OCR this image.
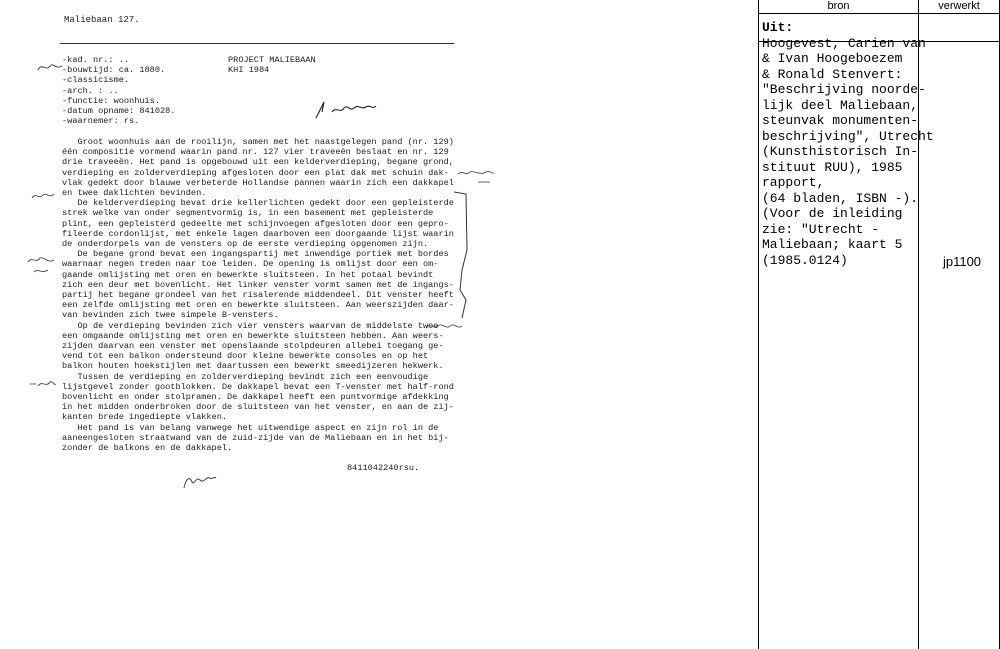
Maliebaan 127.
-kad. nr.: ..
-bouwtijd: ca. 1880.
-classicisme.
-arch. : ..
-functie: woonhuis.
-datum opname: 841028.
-waarnemer: rs.
PROJECT MALIEBAAN
KHI 1984
Groot woonhuis aan de rooilijn, samen met het naastgelegen pand (nr. 129)
één compositie vormend waarin pand nr. 127 vier traveeën beslaat en nr. 129
drie traveeën. Het pand is opgebouwd uit een kelderverdieping, begane grond,
verdieping en zolderverdieping afgesloten door een plat dak met schuin dak-
vlak gedekt door blauwe verbeterde Hollandse pannen waarin zich een dakkapel
en twee daklichten bevinden.
De kelderverdieping bevat drie kellerlichten gedekt door een gepleisterde
strek welke van onder segmentvormig is, in een basement met gepleisterde
plint, een gepleisterd gedeelte met schijnvoegen afgesloten door een gepro-
fileerde cordonlijst, met enkele lagen daarboven een doorgaande lijst waarin
de onderdorpels van de vensters op de eerste verdieping opgenomen zijn.
De begane grond bevat een ingangspartij met inwendige portiek met bordes
waarnaar negen treden naar toe leiden. De opening is omlijst door een om-
gaande omlijsting met oren en bewerkte sluitsteen. In het potaal bevindt
zich een deur met bovenlicht. Het linker venster vormt samen met de ingangs-
partij het begane grondeel van het risalerende middendeel. Dit venster heeft
een zelfde omlijsting met oren en bewerkte sluitsteen. Aan weerszijden daar-
van bevinden zich twee simpele B-vensters.
Op de verdieping bevinden zich vier vensters waarvan de middelste twee
een omgaande omlijsting met oren en bewerkte sluitsteen hebben. Aan weers-
zijden daarvan een venster met openslaande stolpdeuren allebei toegang ge-
vend tot een balkon ondersteund door kleine bewerkte consoles en op het
balkon houten hoekstijlen met daartussen een bewerkt smeedijzeren hekwerk.
Tussen de verdieping en zolderverdieping bevindt zich een eenvoudige
lijstgevel zonder gootblokken. De dakkapel bevat een T-venster met half-rond
bovenlicht en onder stolpramen. De dakkapel heeft een puntvormige afdekking
in het midden onderbroken door de sluitsteen van het venster, en aan de zij-
kanten brede ingediepte vlakken.
Het pand is van belang vanwege het uitwendige aspect en zijn rol in de
aaneengesloten straatwand van de zuid-zijde van de Maliebaan en in het bij-
zonder de balkons en de dakkapel.
8411042240rsu.
bron	verwerkt
Uit:
Hoogevest, Carien van
& Ivan Hoogeboezem
& Ronald Stenvert:
"Beschrijving noorde-
lijk deel Maliebaan,
steunvak monumenten-
beschrijving", Utrecht
(Kunsthistorisch In-
stituut RUU), 1985
rapport,
(64 bladen, ISBN -).
(Voor de inleiding
zie: "Utrecht -
Maliebaan; kaart 5
(1985.0124)	jp1100
